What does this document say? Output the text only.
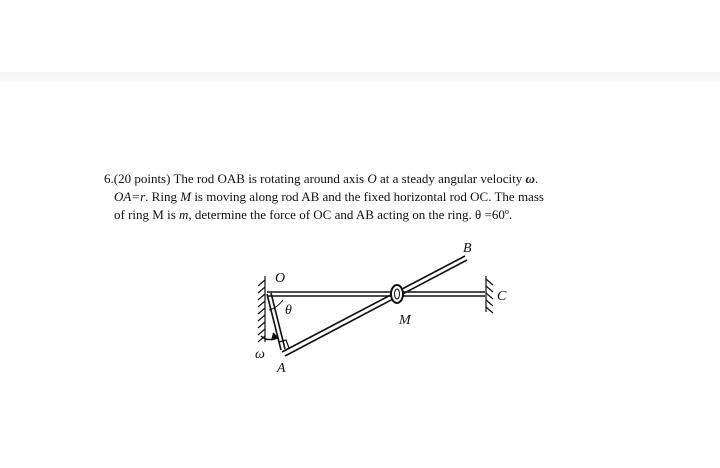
6.(20 points) The rod OAB is rotating around axis O at a steady angular velocity ω.
OA=r. Ring M is moving along rod AB and the fixed horizontal rod OC. The mass
of ring M is m, determine the force of OC and AB acting on the ring. θ =60º.
O
θ
ω
A
M
B
C
